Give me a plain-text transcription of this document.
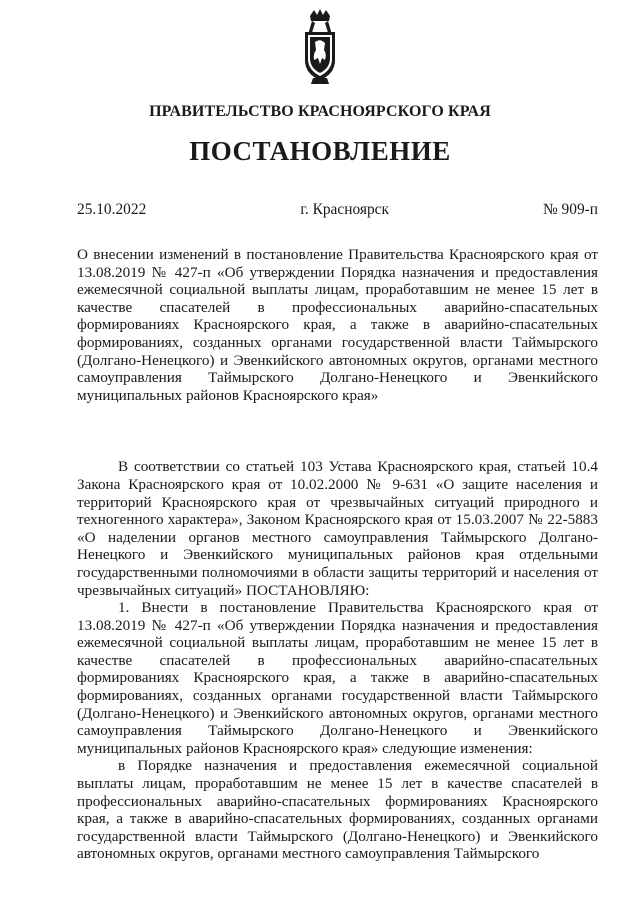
ПРАВИТЕЛЬСТВО КРАСНОЯРСКОГО КРАЯ
ПОСТАНОВЛЕНИЕ
25.10.2022	г. Красноярск	№ 909-п

О внесении изменений в постановление Правительства Красноярского края от 13.08.2019 № 427-п «Об утверждении Порядка назначения и предоставления ежемесячной социальной выплаты лицам, проработавшим не менее 15 лет в качестве спасателей в профессиональных аварийно-спасательных формированиях Красноярского края, а также в аварийно-спасательных формированиях, созданных органами государственной власти Таймырского (Долгано-Ненецкого) и Эвенкийского автономных округов, органами местного самоуправления Таймырского Долгано-Ненецкого и Эвенкийского муниципальных районов Красноярского края»

В соответствии со статьей 103 Устава Красноярского края, статьей 10.4 Закона Красноярского края от 10.02.2000 № 9-631 «О защите населения и территорий Красноярского края от чрезвычайных ситуаций природного и техногенного характера», Законом Красноярского края от 15.03.2007 № 22-5883 «О наделении органов местного самоуправления Таймырского Долгано-Ненецкого и Эвенкийского муниципальных районов края отдельными государственными полномочиями в области защиты территорий и населения от чрезвычайных ситуаций» ПОСТАНОВЛЯЮ:

1. Внести в постановление Правительства Красноярского края от 13.08.2019 № 427-п «Об утверждении Порядка назначения и предоставления ежемесячной социальной выплаты лицам, проработавшим не менее 15 лет в качестве спасателей в профессиональных аварийно-спасательных формированиях Красноярского края, а также в аварийно-спасательных формированиях, созданных органами государственной власти Таймырского (Долгано-Ненецкого) и Эвенкийского автономных округов, органами местного самоуправления Таймырского Долгано-Ненецкого и Эвенкийского муниципальных районов Красноярского края» следующие изменения:

в Порядке назначения и предоставления ежемесячной социальной выплаты лицам, проработавшим не менее 15 лет в качестве спасателей в профессиональных аварийно-спасательных формированиях Красноярского края, а также в аварийно-спасательных формированиях, созданных органами государственной власти Таймырского (Долгано-Ненецкого) и Эвенкийского автономных округов, органами местного самоуправления Таймырского
